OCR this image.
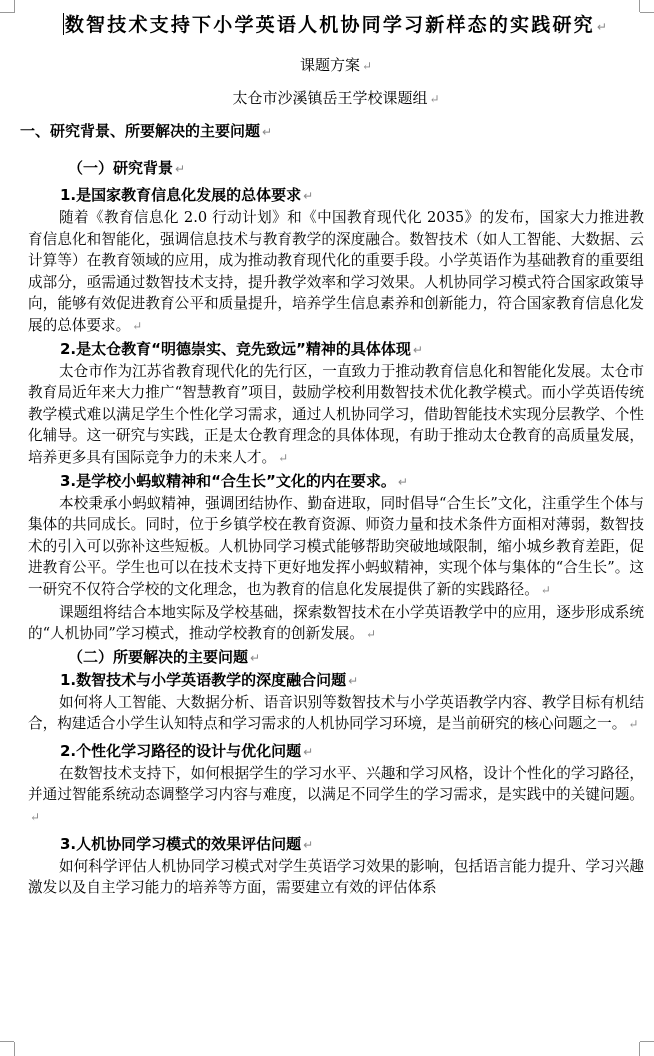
数智技术支持下小学英语人机协同学习新样态的实践研究 ↵
课题方案 ↵
太仓市沙溪镇岳王学校课题组 ↵
一、研究背景、所要解决的主要问题 ↵
（一）研究背景 ↵
1.是国家教育信息化发展的总体要求 ↵

随着《教育信息化 2.0 行动计划》和《中国教育现代化 2035》的发布，国家大力推进教育信息化和智能化，强调信息技术与教育教学的深度融合。数智技术（如人工智能、大数据、云计算等）在教育领域的应用，成为推动教育现代化的重要手段。小学英语作为基础教育的重要组成部分，亟需通过数智技术支持，提升教学效率和学习效果。人机协同学习模式符合国家政策导向，能够有效促进教育公平和质量提升，培养学生信息素养和创新能力，符合国家教育信息化发展的总体要求。 ↵

2.是太仓教育“明德崇实、竞先致远”精神的具体体现 ↵

太仓市作为江苏省教育现代化的先行区，一直致力于推动教育信息化和智能化发展。太仓市教育局近年来大力推广“智慧教育”项目，鼓励学校利用数智技术优化教学模式。而小学英语传统教学模式难以满足学生个性化学习需求，通过人机协同学习，借助智能技术实现分层教学、个性化辅导。这一研究与实践，正是太仓教育理念的具体体现，有助于推动太仓教育的高质量发展，培养更多具有国际竞争力的未来人才。 ↵

3.是学校小蚂蚁精神和“合生长”文化的内在要求。 ↵

本校秉承小蚂蚁精神，强调团结协作、勤奋进取，同时倡导“合生长”文化，注重学生个体与集体的共同成长。同时，位于乡镇学校在教育资源、师资力量和技术条件方面相对薄弱，数智技术的引入可以弥补这些短板。人机协同学习模式能够帮助突破地域限制，缩小城乡教育差距，促进教育公平。学生也可以在技术支持下更好地发挥小蚂蚁精神，实现个体与集体的“合生长”。这一研究不仅符合学校的文化理念，也为教育的信息化发展提供了新的实践路径。 ↵

课题组将结合本地实际及学校基础，探索数智技术在小学英语教学中的应用，逐步形成系统的“人机协同”学习模式，推动学校教育的创新发展。 ↵

（二）所要解决的主要问题 ↵
1.数智技术与小学英语教学的深度融合问题 ↵

如何将人工智能、大数据分析、语音识别等数智技术与小学英语教学内容、教学目标有机结合，构建适合小学生认知特点和学习需求的人机协同学习环境，是当前研究的核心问题之一。 ↵

2.个性化学习路径的设计与优化问题 ↵

在数智技术支持下，如何根据学生的学习水平、兴趣和学习风格，设计个性化的学习路径，并通过智能系统动态调整学习内容与难度，以满足不同学生的学习需求，是实践中的关键问题。↵

3.人机协同学习模式的效果评估问题 ↵

如何科学评估人机协同学习模式对学生英语学习效果的影响，包括语言能力提升、学习兴趣激发以及自主学习能力的培养等方面，需要建立有效的评估体系
